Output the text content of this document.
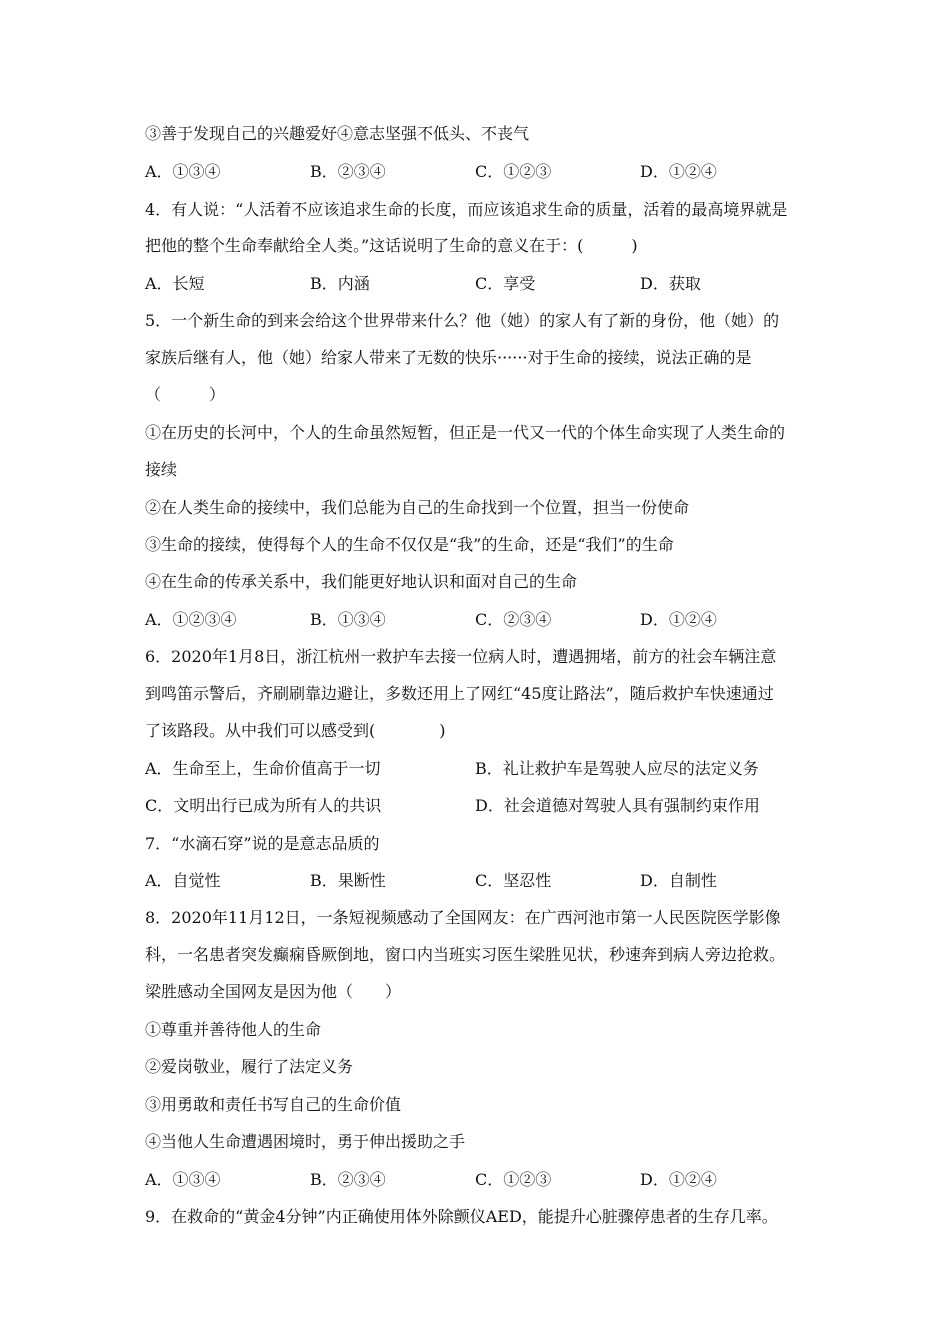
③善于发现自己的兴趣爱好④意志坚强不低头、不丧气
A．①③④	B．②③④	C．①②③	D．①②④
4．有人说：“人活着不应该追求生命的长度，而应该追求生命的质量，活着的最高境界就是
把他的整个生命奉献给全人类。”这话说明了生命的意义在于：(　　　)
A．长短	B．内涵	C．享受	D．获取
5．一个新生命的到来会给这个世界带来什么？他（她）的家人有了新的身份，他（她）的
家族后继有人，他（她）给家人带来了无数的快乐······对于生命的接续，说法正确的是
（　　　）
①在历史的长河中，个人的生命虽然短暂，但正是一代又一代的个体生命实现了人类生命的
接续
②在人类生命的接续中，我们总能为自己的生命找到一个位置，担当一份使命
③生命的接续，使得每个人的生命不仅仅是“我”的生命，还是“我们”的生命
④在生命的传承关系中，我们能更好地认识和面对自己的生命
A．①②③④	B．①③④	C．②③④	D．①②④
6．2020年1月8日，浙江杭州一救护车去接一位病人时，遭遇拥堵，前方的社会车辆注意
到鸣笛示警后，齐刷刷靠边避让，多数还用上了网红“45度让路法”，随后救护车快速通过
了该路段。从中我们可以感受到(　　　　)
A．生命至上，生命价值高于一切	B．礼让救护车是驾驶人应尽的法定义务
C．文明出行已成为所有人的共识	D．社会道德对驾驶人具有强制约束作用
7．“水滴石穿”说的是意志品质的
A．自觉性	B．果断性	C．坚忍性	D．自制性
8．2020年11月12日，一条短视频感动了全国网友：在广西河池市第一人民医院医学影像
科，一名患者突发癫痫昏厥倒地，窗口内当班实习医生梁胜见状，秒速奔到病人旁边抢救。
梁胜感动全国网友是因为他（　　）
①尊重并善待他人的生命
②爱岗敬业，履行了法定义务
③用勇敢和责任书写自己的生命价值
④当他人生命遭遇困境时，勇于伸出援助之手
A．①③④	B．②③④	C．①②③	D．①②④
9．在救命的“黄金4分钟”内正确使用体外除颤仪AED，能提升心脏骤停患者的生存几率。
